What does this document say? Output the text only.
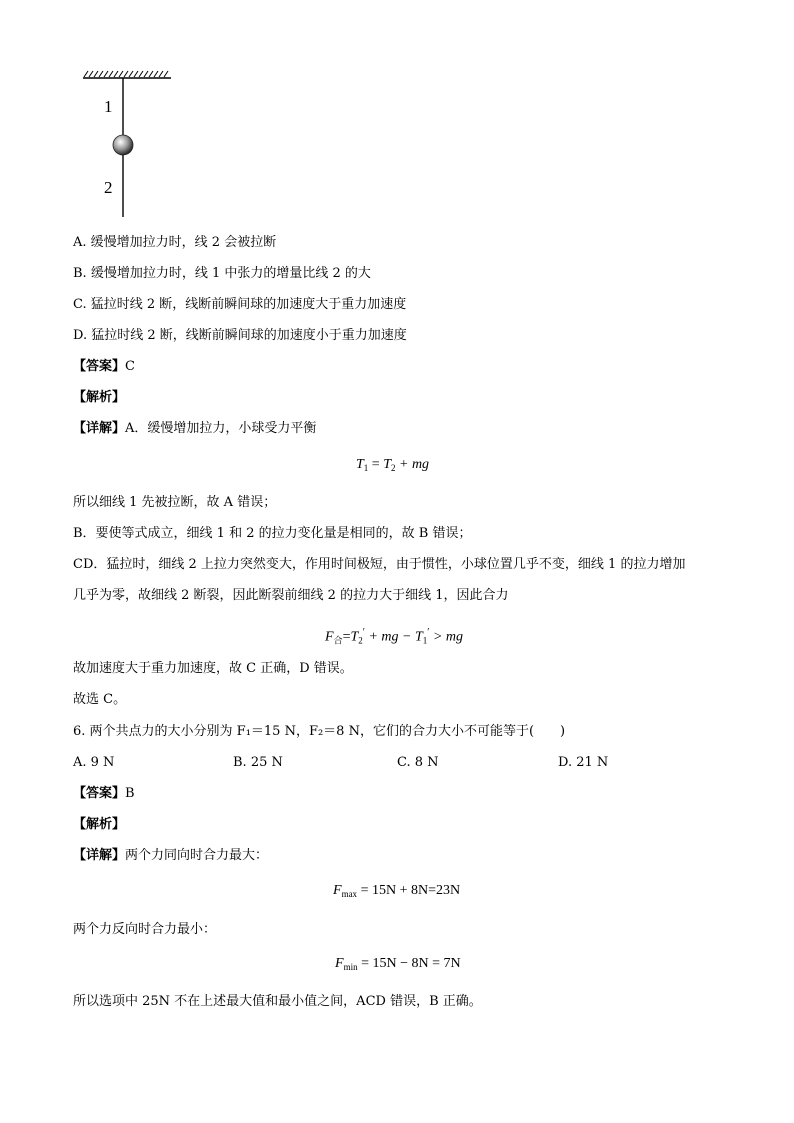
1
2
A. 缓慢增加拉力时，线 2 会被拉断
B. 缓慢增加拉力时，线 1 中张力的增量比线 2 的大
C. 猛拉时线 2 断，线断前瞬间球的加速度大于重力加速度
D. 猛拉时线 2 断，线断前瞬间球的加速度小于重力加速度
【答案】C
【解析】
【详解】A．缓慢增加拉力，小球受力平衡
$T_1 = T_2$ + mg
所以细线 1 先被拉断，故 A 错误；
B．要使等式成立，细线 1 和 2 的拉力变化量是相同的，故 B 错误；
CD．猛拉时，细线 2 上拉力突然变大，作用时间极短，由于惯性，小球位置几乎不变，细线 1 的拉力增加
几乎为零，故细线 2 断裂，因此断裂前细线 2 的拉力大于细线 1，因此合力
$F_合=T_2'$ + mg − $T_1'$ > mg
故加速度大于重力加速度，故 C 正确，D 错误。
故选 C。
6. 两个共点力的大小分别为 F₁＝15 N，F₂＝8 N，它们的合力大小不可能等于(　　)
A. 9 N	B. 25 N	C. 8 N	D. 21 N
【答案】B
【解析】
【详解】两个力同向时合力最大：
$F_{max} = 15N + 8N=23N$
两个力反向时合力最小：
$F_{min} = 15N - 8N = 7N$
所以选项中 25N 不在上述最大值和最小值之间，ACD 错误，B 正确。
